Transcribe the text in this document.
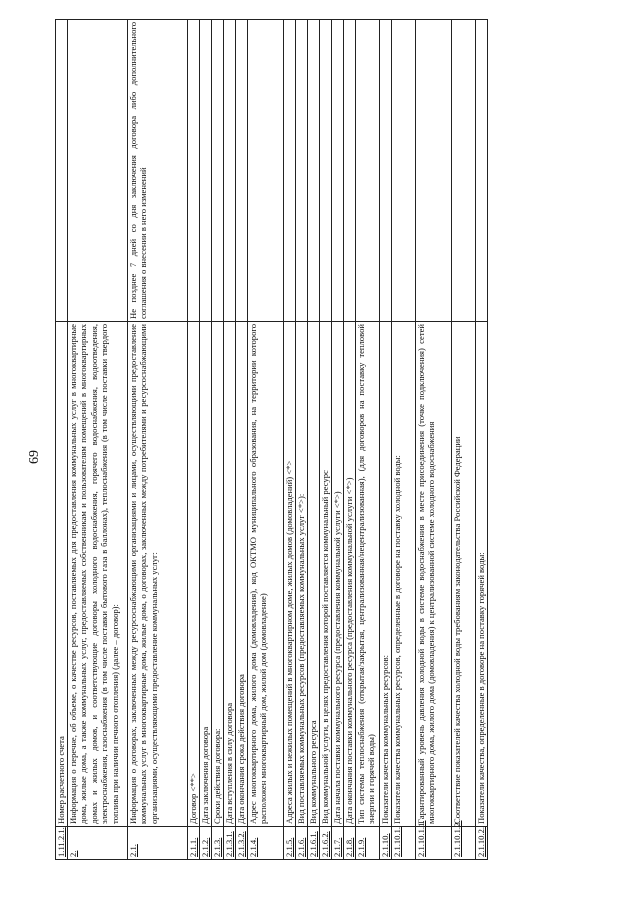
69
1.11.2.1.	Номер расчетного счета	
2.	Информация о перечне, об объеме, о качестве ресурсов, поставляемых для предоставления коммунальных услуг в многоквартирные дома, жилые дома, а также коммунальных услуг, предоставляемых собственникам и пользователям помещений в многоквартирных домах и жилых домов, и соответствующие договоры холодного водоснабжения, горячего водоснабжения, водоотведения, электроснабжения, газоснабжения (в том числе поставки бытового газа в баллонах), теплоснабжения (в том числе поставки твердого топлива при наличии печного отопления) (далее – договор):	
2.1.	Информация о договорах, заключенных между ресурсоснабжающими организациями и лицами, осуществляющими предоставление коммунальных услуг в многоквартирные дома, жилые дома, о договорах, заключенных между потребителями и ресурсоснабжающими организациями, осуществляющими предоставление коммунальных услуг:	Не позднее 7 дней со дня заключения договора либо дополнительного соглашения о внесении в него изменений
2.1.1.	Договор <**>	
2.1.2.	Дата заключения договора	
2.1.3.	Сроки действия договора:	
2.1.3.1.	Дата вступления в силу договора	
2.1.3.2.	Дата окончания срока действия договора	
2.1.4.	Адрес многоквартирного дома, жилого дома (домовладения), код ОКТМО муниципального образования, на территории которого расположен многоквартирный дом, жилой дом (домовладение)	
2.1.5.	Адреса жилых и нежилых помещений в многоквартирном доме, жилых домов (домовладений) <*>	
2.1.6.	Вид поставляемых коммунальных ресурсов (предоставляемых коммунальных услуг <*>):	
2.1.6.1.	Вид коммунального ресурса	
2.1.6.2.	Вид коммунальной услуги, в целях предоставления которой поставляется коммунальный ресурс	
2.1.7.	Дата начала поставки коммунального ресурса (предоставления коммунальной услуги <*>)	
2.1.8.	Дата окончания поставки коммунального ресурса (предоставления коммунальной услуги <*>)	
2.1.9.	Тип системы теплоснабжения (открытая/закрытая, централизованная/нецентрализованная), (для договоров на поставку тепловой энергии и горячей воды)	
2.1.10.	Показатели качества коммунальных ресурсов:	
2.1.10.1.	Показатели качества коммунальных ресурсов, определенные в договоре на поставку холодной воды:	
2.1.10.1.1.	Гарантированный уровень давления холодной воды в системе водоснабжения в месте присоединения (точке подключения) сетей многоквартирного дома, жилого дома (домовладения) к централизованной системе холодного водоснабжения	
2.1.10.1.2.	Соответствие показателей качества холодной воды требованиям законодательства Российской Федерации	
2.1.10.2.	Показатели качества, определенные в договоре на поставку горячей воды:	
